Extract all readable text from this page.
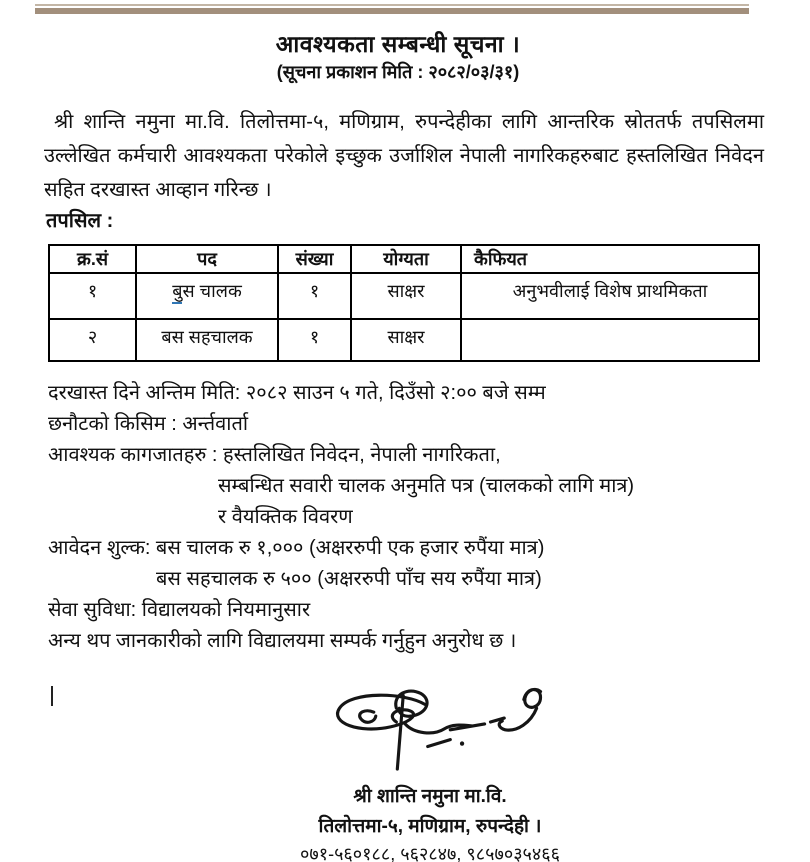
आवश्यकता सम्बन्धी सूचना ।
(सूचना प्रकाशन मिति : २०८२/०३/३१)
श्री शान्ति नमुना मा.वि. तिलोत्तमा-५, मणिग्राम, रुपन्देहीका लागि आन्तरिक स्रोततर्फ तपसिलमा उल्लेखित कर्मचारी आवश्यकता परेकोले इच्छुक उर्जाशिल नेपाली नागरिकहरुबाट हस्तलिखित निवेदन सहित दरखास्त आव्हान गरिन्छ ।
तपसिल :
क्र.सं	पद	संख्या	योग्यता	कैफियत
१	बुस चालक	१	साक्षर	अनुभवीलाई विशेष प्राथमिकता
२	बस सहचालक	१	साक्षर	
दरखास्त दिने अन्तिम मिति: २०८२ साउन ५ गते, दिउँसो २:०० बजे सम्म
छनौटको किसिम : अर्न्तवार्ता
आवश्यक कागजातहरु : हस्तलिखित निवेदन, नेपाली नागरिकता,
सम्बन्धित सवारी चालक अनुमति पत्र (चालकको लागि मात्र)
र वैयक्तिक विवरण
आवेदन शुल्क: बस चालक रु १,००० (अक्षररुपी एक हजार रुपैंया मात्र)
बस सहचालक रु ५०० (अक्षररुपी पाँच सय रुपैंया मात्र)
सेवा सुविधा: विद्यालयको नियमानुसार
अन्य थप जानकारीको लागि विद्यालयमा सम्पर्क गर्नुहुन अनुरोध छ ।
श्री शान्ति नमुना मा.वि.
तिलोत्तमा-५, मणिग्राम, रुपन्देही ।
०७१-५६०१८८, ५६२८४७, ९८५७०३५४६६
